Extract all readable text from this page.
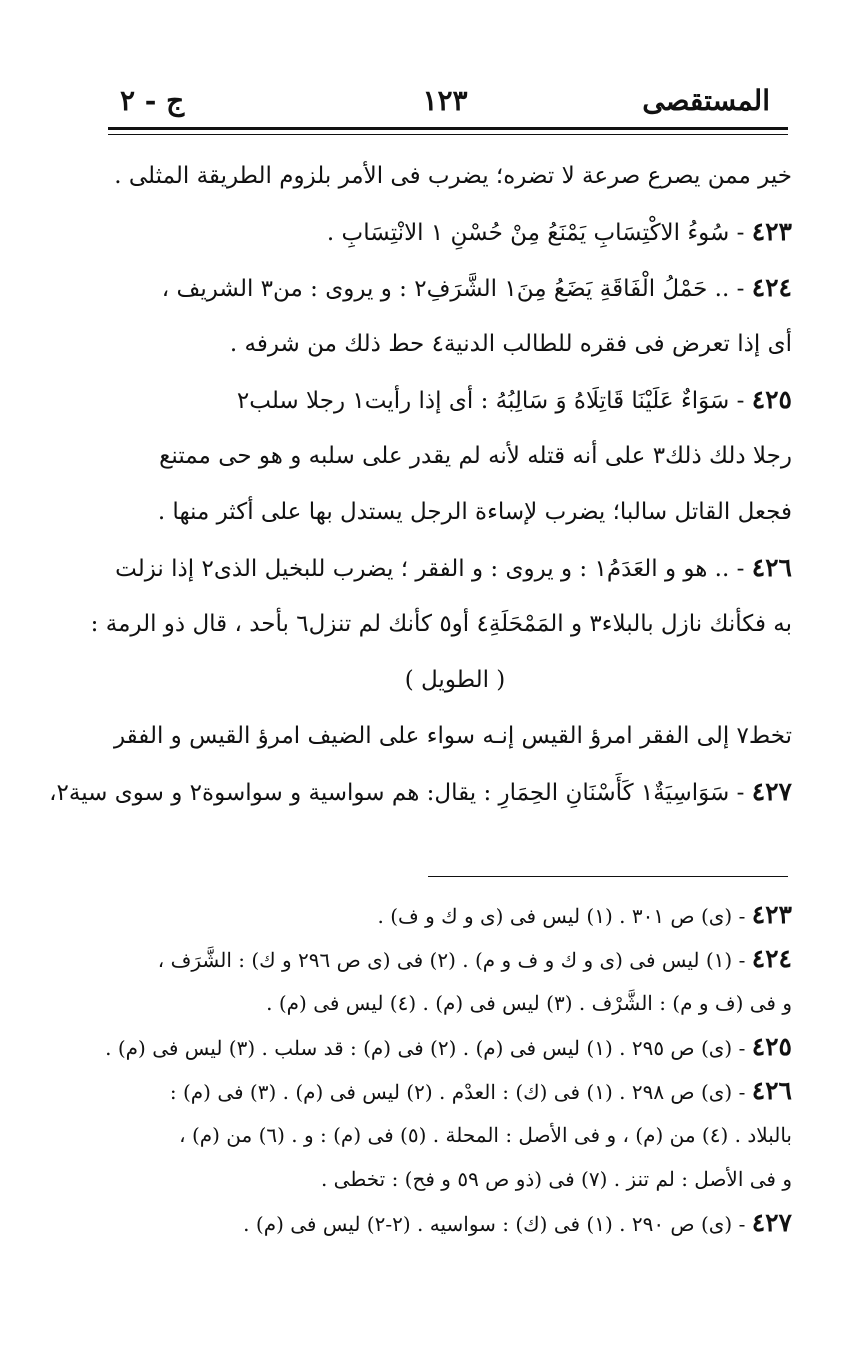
المستقصى
١٢٣
ج - ٢
خير ممن يصرع صرعة لا تضره؛ يضرب فى الأمر بلزوم الطريقة المثلى .
٤٢٣ - سُوءُ الاكْتِسَابِ يَمْنَعُ مِنْ حُسْنِ ١ الانْتِسَابِ .
٤٢٤ - .. حَمْلُ الْفَاقَةِ يَضَعُ مِنَ١ الشَّرَفِ٢ : و يروى : من٣ الشريف ،
أى إذا تعرض فى فقره للطالب الدنية٤ حط ذلك من شرفه .
٤٢٥ - سَوَاءٌ عَلَيْنَا قَاتِلَاهُ وَ سَالِبُهُ : أى إذا رأيت١ رجلا سلب٢
رجلا دلك ذلك٣ على أنه قتله لأنه لم يقدر على سلبه و هو حى ممتنع
فجعل القاتل سالبا؛ يضرب لإساءة الرجل يستدل بها على أكثر منها .
٤٢٦ - .. هو و العَدَمُ١ : و يروى : و الفقر ؛ يضرب للبخيل الذى٢ إذا نزلت
به فكأنك نازل بالبلاء٣ و المَمْحَلَةِ٤ أو٥ كأنك لم تنزل٦ بأحد ، قال ذو الرمة :
( الطويل )
تخط٧ إلى الفقر امرؤ القيس إنـه سواء على الضيف امرؤ القيس و الفقر
٤٢٧ - سَوَاسِيَةٌ١ كَأَسْنَانِ الحِمَارِ : يقال: هم سواسية و سواسوة٢ و سوى سية٢،
٤٢٣ - (ى) ص ٣٠١ . (١) ليس فى (ى و ك و ف) .
٤٢٤ - (١) ليس فى (ى و ك و ف و م) . (٢) فى (ى ص ٢٩٦ و ك) : الشَّرَف ،
و فى (ف و م) : الشَّرْف . (٣) ليس فى (م) . (٤) ليس فى (م) .
٤٢٥ - (ى) ص ٢٩٥ . (١) ليس فى (م) . (٢) فى (م) : قد سلب . (٣) ليس فى (م) .
٤٢٦ - (ى) ص ٢٩٨ . (١) فى (ك) : العدْم . (٢) ليس فى (م) . (٣) فى (م) :
بالبلاد . (٤) من (م) ، و فى الأصل : المحلة . (٥) فى (م) : و . (٦) من (م) ،
و فى الأصل : لم تنز . (٧) فى (ذو ص ٥٩ و فح) : تخطى .
٤٢٧ - (ى) ص ٢٩٠ . (١) فى (ك) : سواسيه . (٢-٢) ليس فى (م) .
